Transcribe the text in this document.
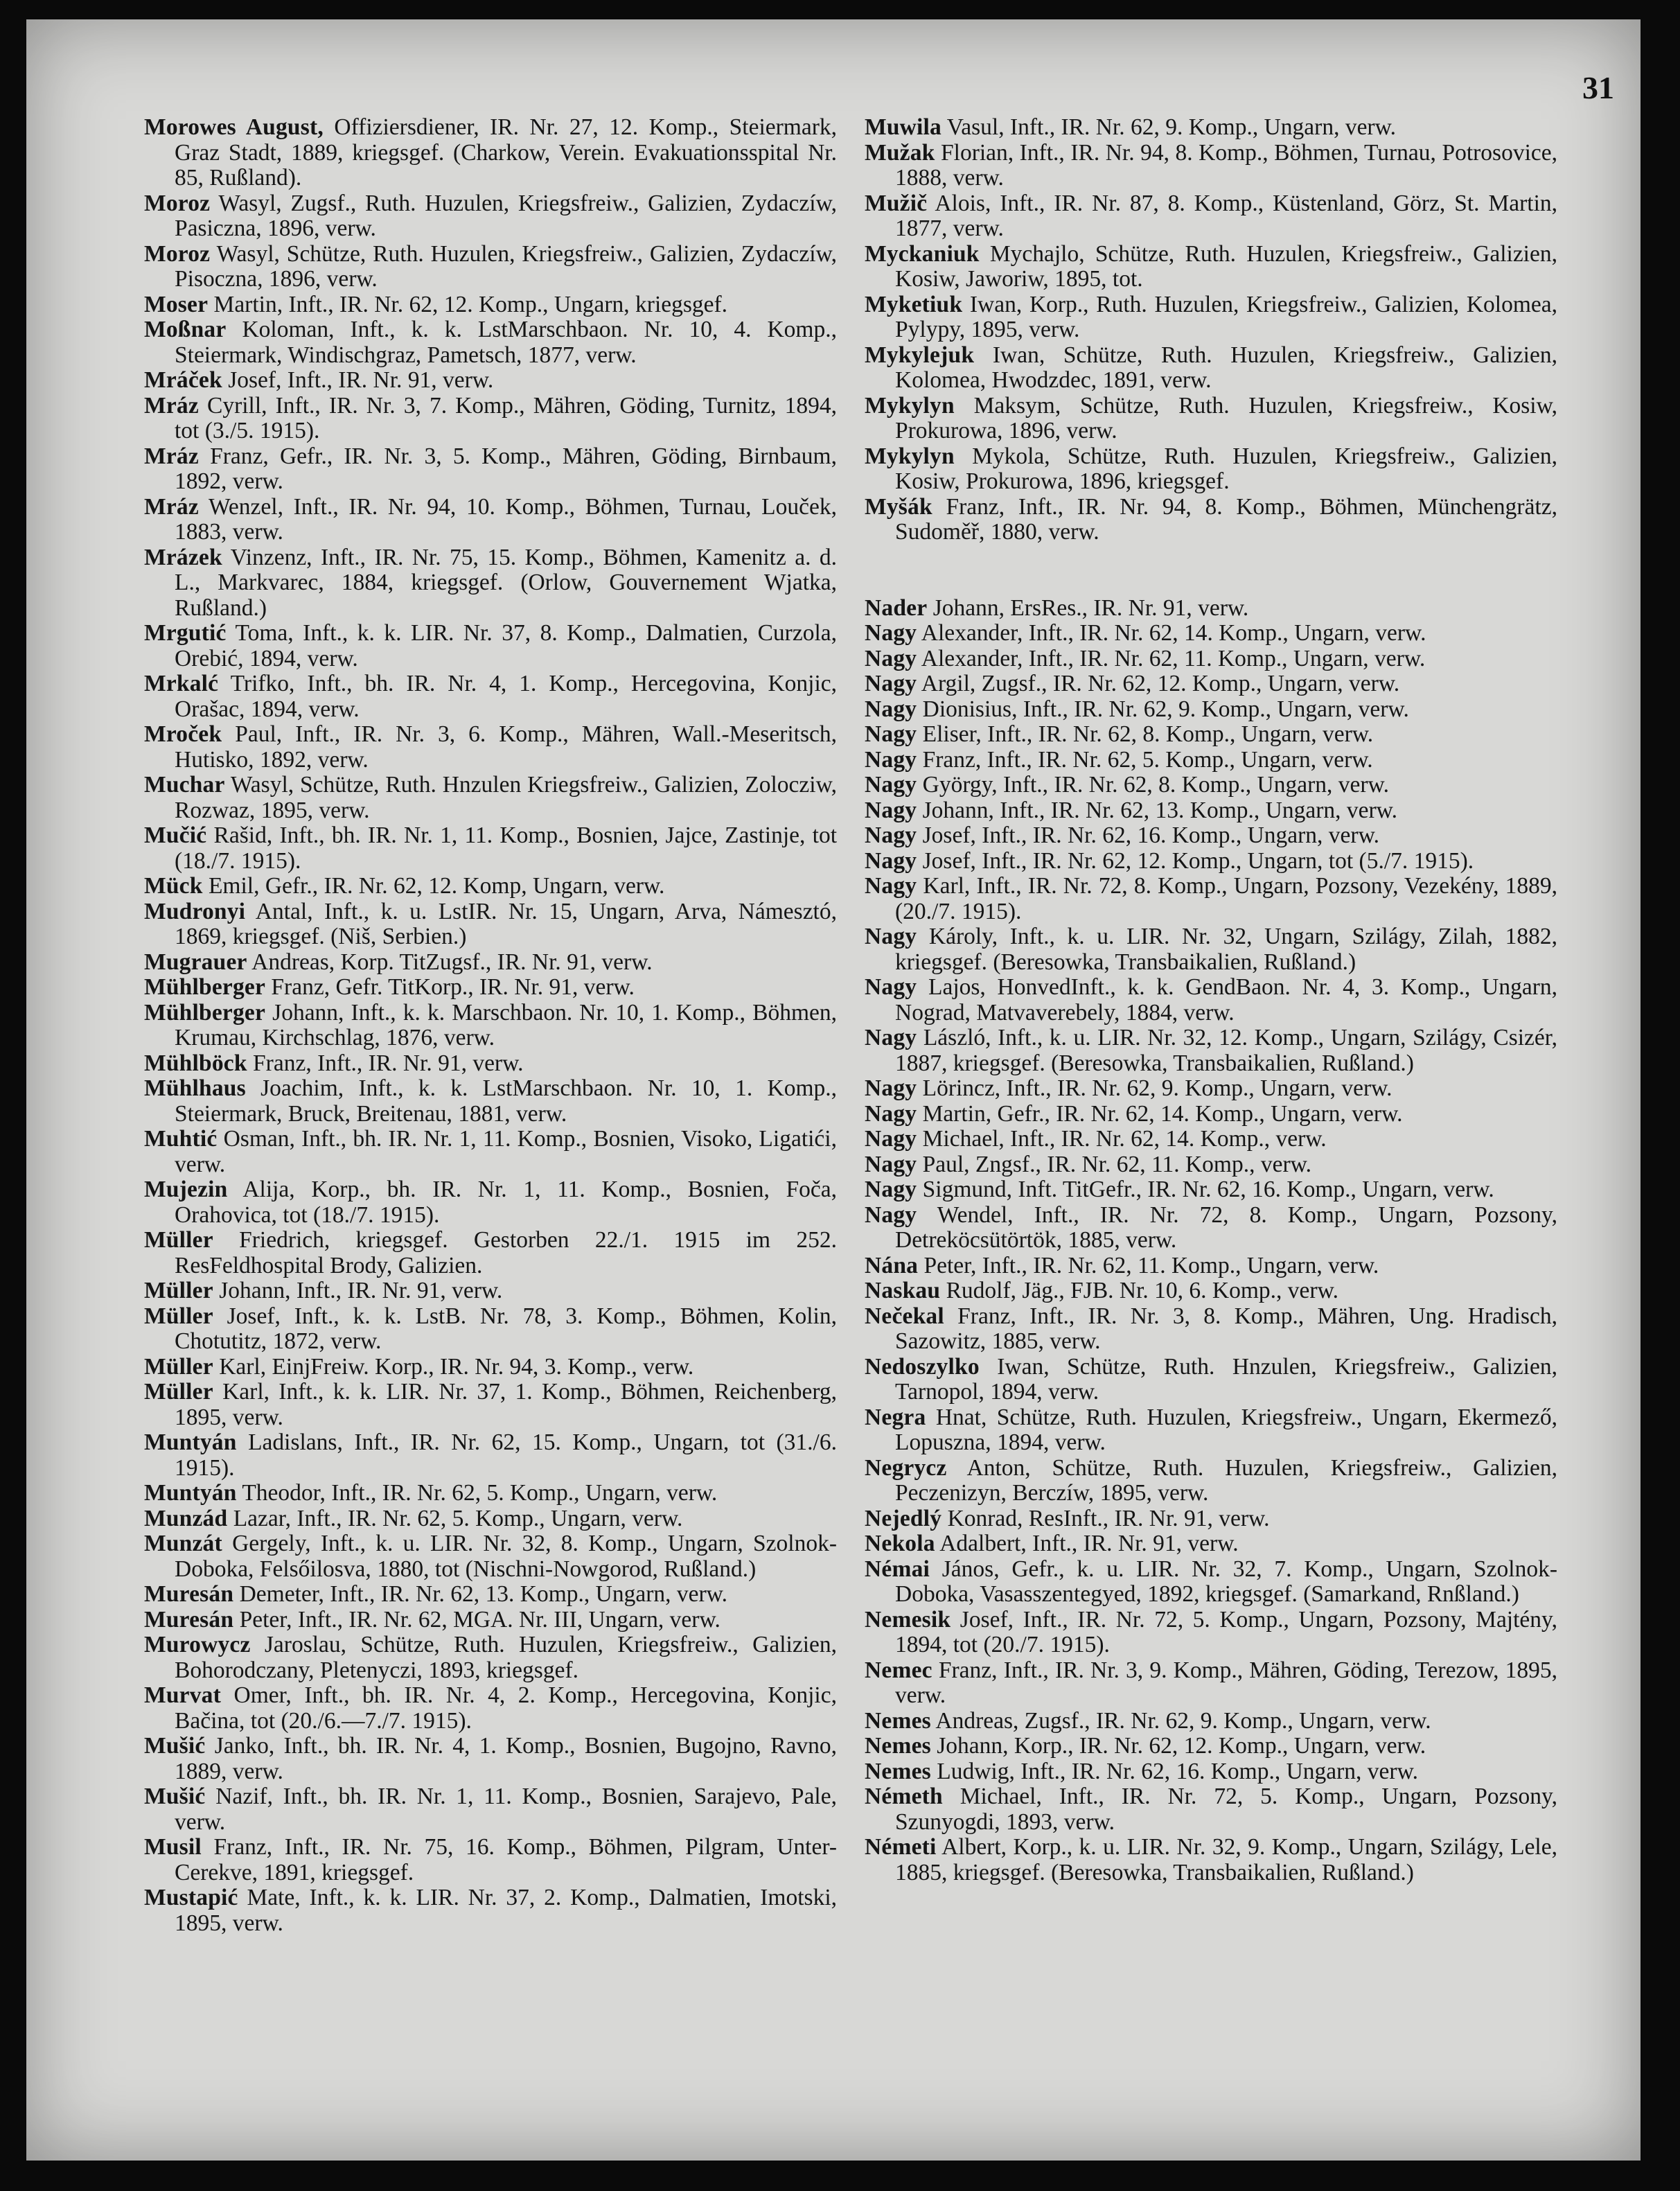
31

Morowes August, Offiziersdiener, IR. Nr. 27, 12. Komp., Steiermark, Graz Stadt, 1889, kriegsgef. (Charkow, Verein. Evakuationsspital Nr. 85, Rußland).

Moroz Wasyl, Zugsf., Ruth. Huzulen, Kriegsfreiw., Galizien, Zydaczíw, Pasiczna, 1896, verw.

Moroz Wasyl, Schütze, Ruth. Huzulen, Kriegsfreiw., Galizien, Zydaczíw, Pisoczna, 1896, verw.

Moser Martin, Inft., IR. Nr. 62, 12. Komp., Ungarn, kriegsgef.

Moßnar Koloman, Inft., k. k. LstMarschbaon. Nr. 10, 4. Komp., Steiermark, Windischgraz, Pametsch, 1877, verw.

Mráček Josef, Inft., IR. Nr. 91, verw.

Mráz Cyrill, Inft., IR. Nr. 3, 7. Komp., Mähren, Göding, Turnitz, 1894, tot (3./5. 1915).

Mráz Franz, Gefr., IR. Nr. 3, 5. Komp., Mähren, Göding, Birnbaum, 1892, verw.

Mráz Wenzel, Inft., IR. Nr. 94, 10. Komp., Böhmen, Turnau, Louček, 1883, verw.

Mrázek Vinzenz, Inft., IR. Nr. 75, 15. Komp., Böhmen, Kamenitz a. d. L., Markvarec, 1884, kriegsgef. (Orlow, Gouvernement Wjatka, Rußland.)

Mrgutić Toma, Inft., k. k. LIR. Nr. 37, 8. Komp., Dalmatien, Curzola, Orebić, 1894, verw.

Mrkalć Trifko, Inft., bh. IR. Nr. 4, 1. Komp., Hercegovina, Konjic, Orašac, 1894, verw.

Mroček Paul, Inft., IR. Nr. 3, 6. Komp., Mähren, Wall.-Meseritsch, Hutisko, 1892, verw.

Muchar Wasyl, Schütze, Ruth. Hnzulen Kriegsfreiw., Galizien, Zolocziw, Rozwaz, 1895, verw.

Mučić Rašid, Inft., bh. IR. Nr. 1, 11. Komp., Bosnien, Jajce, Zastinje, tot (18./7. 1915).

Mück Emil, Gefr., IR. Nr. 62, 12. Komp, Ungarn, verw.

Mudronyi Antal, Inft., k. u. LstIR. Nr. 15, Ungarn, Arva, Námesztó, 1869, kriegsgef. (Niš, Serbien.)

Mugrauer Andreas, Korp. TitZugsf., IR. Nr. 91, verw.

Mühlberger Franz, Gefr. TitKorp., IR. Nr. 91, verw.

Mühlberger Johann, Inft., k. k. Marschbaon. Nr. 10, 1. Komp., Böhmen, Krumau, Kirchschlag, 1876, verw.

Mühlböck Franz, Inft., IR. Nr. 91, verw.

Mühlhaus Joachim, Inft., k. k. LstMarschbaon. Nr. 10, 1. Komp., Steiermark, Bruck, Breitenau, 1881, verw.

Muhtić Osman, Inft., bh. IR. Nr. 1, 11. Komp., Bosnien, Visoko, Ligatići, verw.

Mujezin Alija, Korp., bh. IR. Nr. 1, 11. Komp., Bosnien, Foča, Orahovica, tot (18./7. 1915).

Müller Friedrich, kriegsgef. Gestorben 22./1. 1915 im 252. ResFeldhospital Brody, Galizien.

Müller Johann, Inft., IR. Nr. 91, verw.

Müller Josef, Inft., k. k. LstB. Nr. 78, 3. Komp., Böhmen, Kolin, Chotutitz, 1872, verw.

Müller Karl, EinjFreiw. Korp., IR. Nr. 94, 3. Komp., verw.

Müller Karl, Inft., k. k. LIR. Nr. 37, 1. Komp., Böhmen, Reichenberg, 1895, verw.

Muntyán Ladislans, Inft., IR. Nr. 62, 15. Komp., Ungarn, tot (31./6. 1915).

Muntyán Theodor, Inft., IR. Nr. 62, 5. Komp., Ungarn, verw.

Munzád Lazar, Inft., IR. Nr. 62, 5. Komp., Ungarn, verw.

Munzát Gergely, Inft., k. u. LIR. Nr. 32, 8. Komp., Ungarn, Szolnok-Doboka, Felsőilosva, 1880, tot (Nischni-Nowgorod, Rußland.)

Muresán Demeter, Inft., IR. Nr. 62, 13. Komp., Ungarn, verw.

Muresán Peter, Inft., IR. Nr. 62, MGA. Nr. III, Ungarn, verw.

Murowycz Jaroslau, Schütze, Ruth. Huzulen, Kriegsfreiw., Galizien, Bohorodczany, Pletenyczi, 1893, kriegsgef.

Murvat Omer, Inft., bh. IR. Nr. 4, 2. Komp., Hercegovina, Konjic, Bačina, tot (20./6.—7./7. 1915).

Mušić Janko, Inft., bh. IR. Nr. 4, 1. Komp., Bosnien, Bugojno, Ravno, 1889, verw.

Mušić Nazif, Inft., bh. IR. Nr. 1, 11. Komp., Bosnien, Sarajevo, Pale, verw.

Musil Franz, Inft., IR. Nr. 75, 16. Komp., Böhmen, Pilgram, Unter-Cerekve, 1891, kriegsgef.

Mustapić Mate, Inft., k. k. LIR. Nr. 37, 2. Komp., Dalmatien, Imotski, 1895, verw.

Muwila Vasul, Inft., IR. Nr. 62, 9. Komp., Ungarn, verw.

Mužak Florian, Inft., IR. Nr. 94, 8. Komp., Böhmen, Turnau, Potrosovice, 1888, verw.

Mužič Alois, Inft., IR. Nr. 87, 8. Komp., Küstenland, Görz, St. Martin, 1877, verw.

Myckaniuk Mychajlo, Schütze, Ruth. Huzulen, Kriegsfreiw., Galizien, Kosiw, Jaworiw, 1895, tot.

Myketiuk Iwan, Korp., Ruth. Huzulen, Kriegsfreiw., Galizien, Kolomea, Pylypy, 1895, verw.

Mykylejuk Iwan, Schütze, Ruth. Huzulen, Kriegsfreiw., Galizien, Kolomea, Hwodzdec, 1891, verw.

Mykylyn Maksym, Schütze, Ruth. Huzulen, Kriegsfreiw., Kosiw, Prokurowa, 1896, verw.

Mykylyn Mykola, Schütze, Ruth. Huzulen, Kriegsfreiw., Galizien, Kosiw, Prokurowa, 1896, kriegsgef.

Myšák Franz, Inft., IR. Nr. 94, 8. Komp., Böhmen, Münchengrätz, Sudoměř, 1880, verw.

Nader Johann, ErsRes., IR. Nr. 91, verw.

Nagy Alexander, Inft., IR. Nr. 62, 14. Komp., Ungarn, verw.

Nagy Alexander, Inft., IR. Nr. 62, 11. Komp., Ungarn, verw.

Nagy Argil, Zugsf., IR. Nr. 62, 12. Komp., Ungarn, verw.

Nagy Dionisius, Inft., IR. Nr. 62, 9. Komp., Ungarn, verw.

Nagy Eliser, Inft., IR. Nr. 62, 8. Komp., Ungarn, verw.

Nagy Franz, Inft., IR. Nr. 62, 5. Komp., Ungarn, verw.

Nagy György, Inft., IR. Nr. 62, 8. Komp., Ungarn, verw.

Nagy Johann, Inft., IR. Nr. 62, 13. Komp., Ungarn, verw.

Nagy Josef, Inft., IR. Nr. 62, 16. Komp., Ungarn, verw.

Nagy Josef, Inft., IR. Nr. 62, 12. Komp., Ungarn, tot (5./7. 1915).

Nagy Karl, Inft., IR. Nr. 72, 8. Komp., Ungarn, Pozsony, Vezekény, 1889, (20./7. 1915).

Nagy Károly, Inft., k. u. LIR. Nr. 32, Ungarn, Szilágy, Zilah, 1882, kriegsgef. (Beresowka, Transbaikalien, Rußland.)

Nagy Lajos, HonvedInft., k. k. GendBaon. Nr. 4, 3. Komp., Ungarn, Nograd, Matvaverebely, 1884, verw.

Nagy László, Inft., k. u. LIR. Nr. 32, 12. Komp., Ungarn, Szilágy, Csizér, 1887, kriegsgef. (Beresowka, Transbaikalien, Rußland.)

Nagy Lörincz, Inft., IR. Nr. 62, 9. Komp., Ungarn, verw.

Nagy Martin, Gefr., IR. Nr. 62, 14. Komp., Ungarn, verw.

Nagy Michael, Inft., IR. Nr. 62, 14. Komp., verw.

Nagy Paul, Zngsf., IR. Nr. 62, 11. Komp., verw.

Nagy Sigmund, Inft. TitGefr., IR. Nr. 62, 16. Komp., Ungarn, verw.

Nagy Wendel, Inft., IR. Nr. 72, 8. Komp., Ungarn, Pozsony, Detreköcsütörtök, 1885, verw.

Nána Peter, Inft., IR. Nr. 62, 11. Komp., Ungarn, verw.

Naskau Rudolf, Jäg., FJB. Nr. 10, 6. Komp., verw.

Nečekal Franz, Inft., IR. Nr. 3, 8. Komp., Mähren, Ung. Hradisch, Sazowitz, 1885, verw.

Nedoszylko Iwan, Schütze, Ruth. Hnzulen, Kriegsfreiw., Galizien, Tarnopol, 1894, verw.

Negra Hnat, Schütze, Ruth. Huzulen, Kriegsfreiw., Ungarn, Ekermező, Lopuszna, 1894, verw.

Negrycz Anton, Schütze, Ruth. Huzulen, Kriegsfreiw., Galizien, Peczenizyn, Berczíw, 1895, verw.

Nejedlý Konrad, ResInft., IR. Nr. 91, verw.

Nekola Adalbert, Inft., IR. Nr. 91, verw.

Némai János, Gefr., k. u. LIR. Nr. 32, 7. Komp., Ungarn, Szolnok-Doboka, Vasasszentegyed, 1892, kriegsgef. (Samarkand, Rnßland.)

Nemesik Josef, Inft., IR. Nr. 72, 5. Komp., Ungarn, Pozsony, Majtény, 1894, tot (20./7. 1915).

Nemec Franz, Inft., IR. Nr. 3, 9. Komp., Mähren, Göding, Terezow, 1895, verw.

Nemes Andreas, Zugsf., IR. Nr. 62, 9. Komp., Ungarn, verw.

Nemes Johann, Korp., IR. Nr. 62, 12. Komp., Ungarn, verw.

Nemes Ludwig, Inft., IR. Nr. 62, 16. Komp., Ungarn, verw.

Németh Michael, Inft., IR. Nr. 72, 5. Komp., Ungarn, Pozsony, Szunyogdi, 1893, verw.

Németi Albert, Korp., k. u. LIR. Nr. 32, 9. Komp., Ungarn, Szilágy, Lele, 1885, kriegsgef. (Beresowka, Transbaikalien, Rußland.)
